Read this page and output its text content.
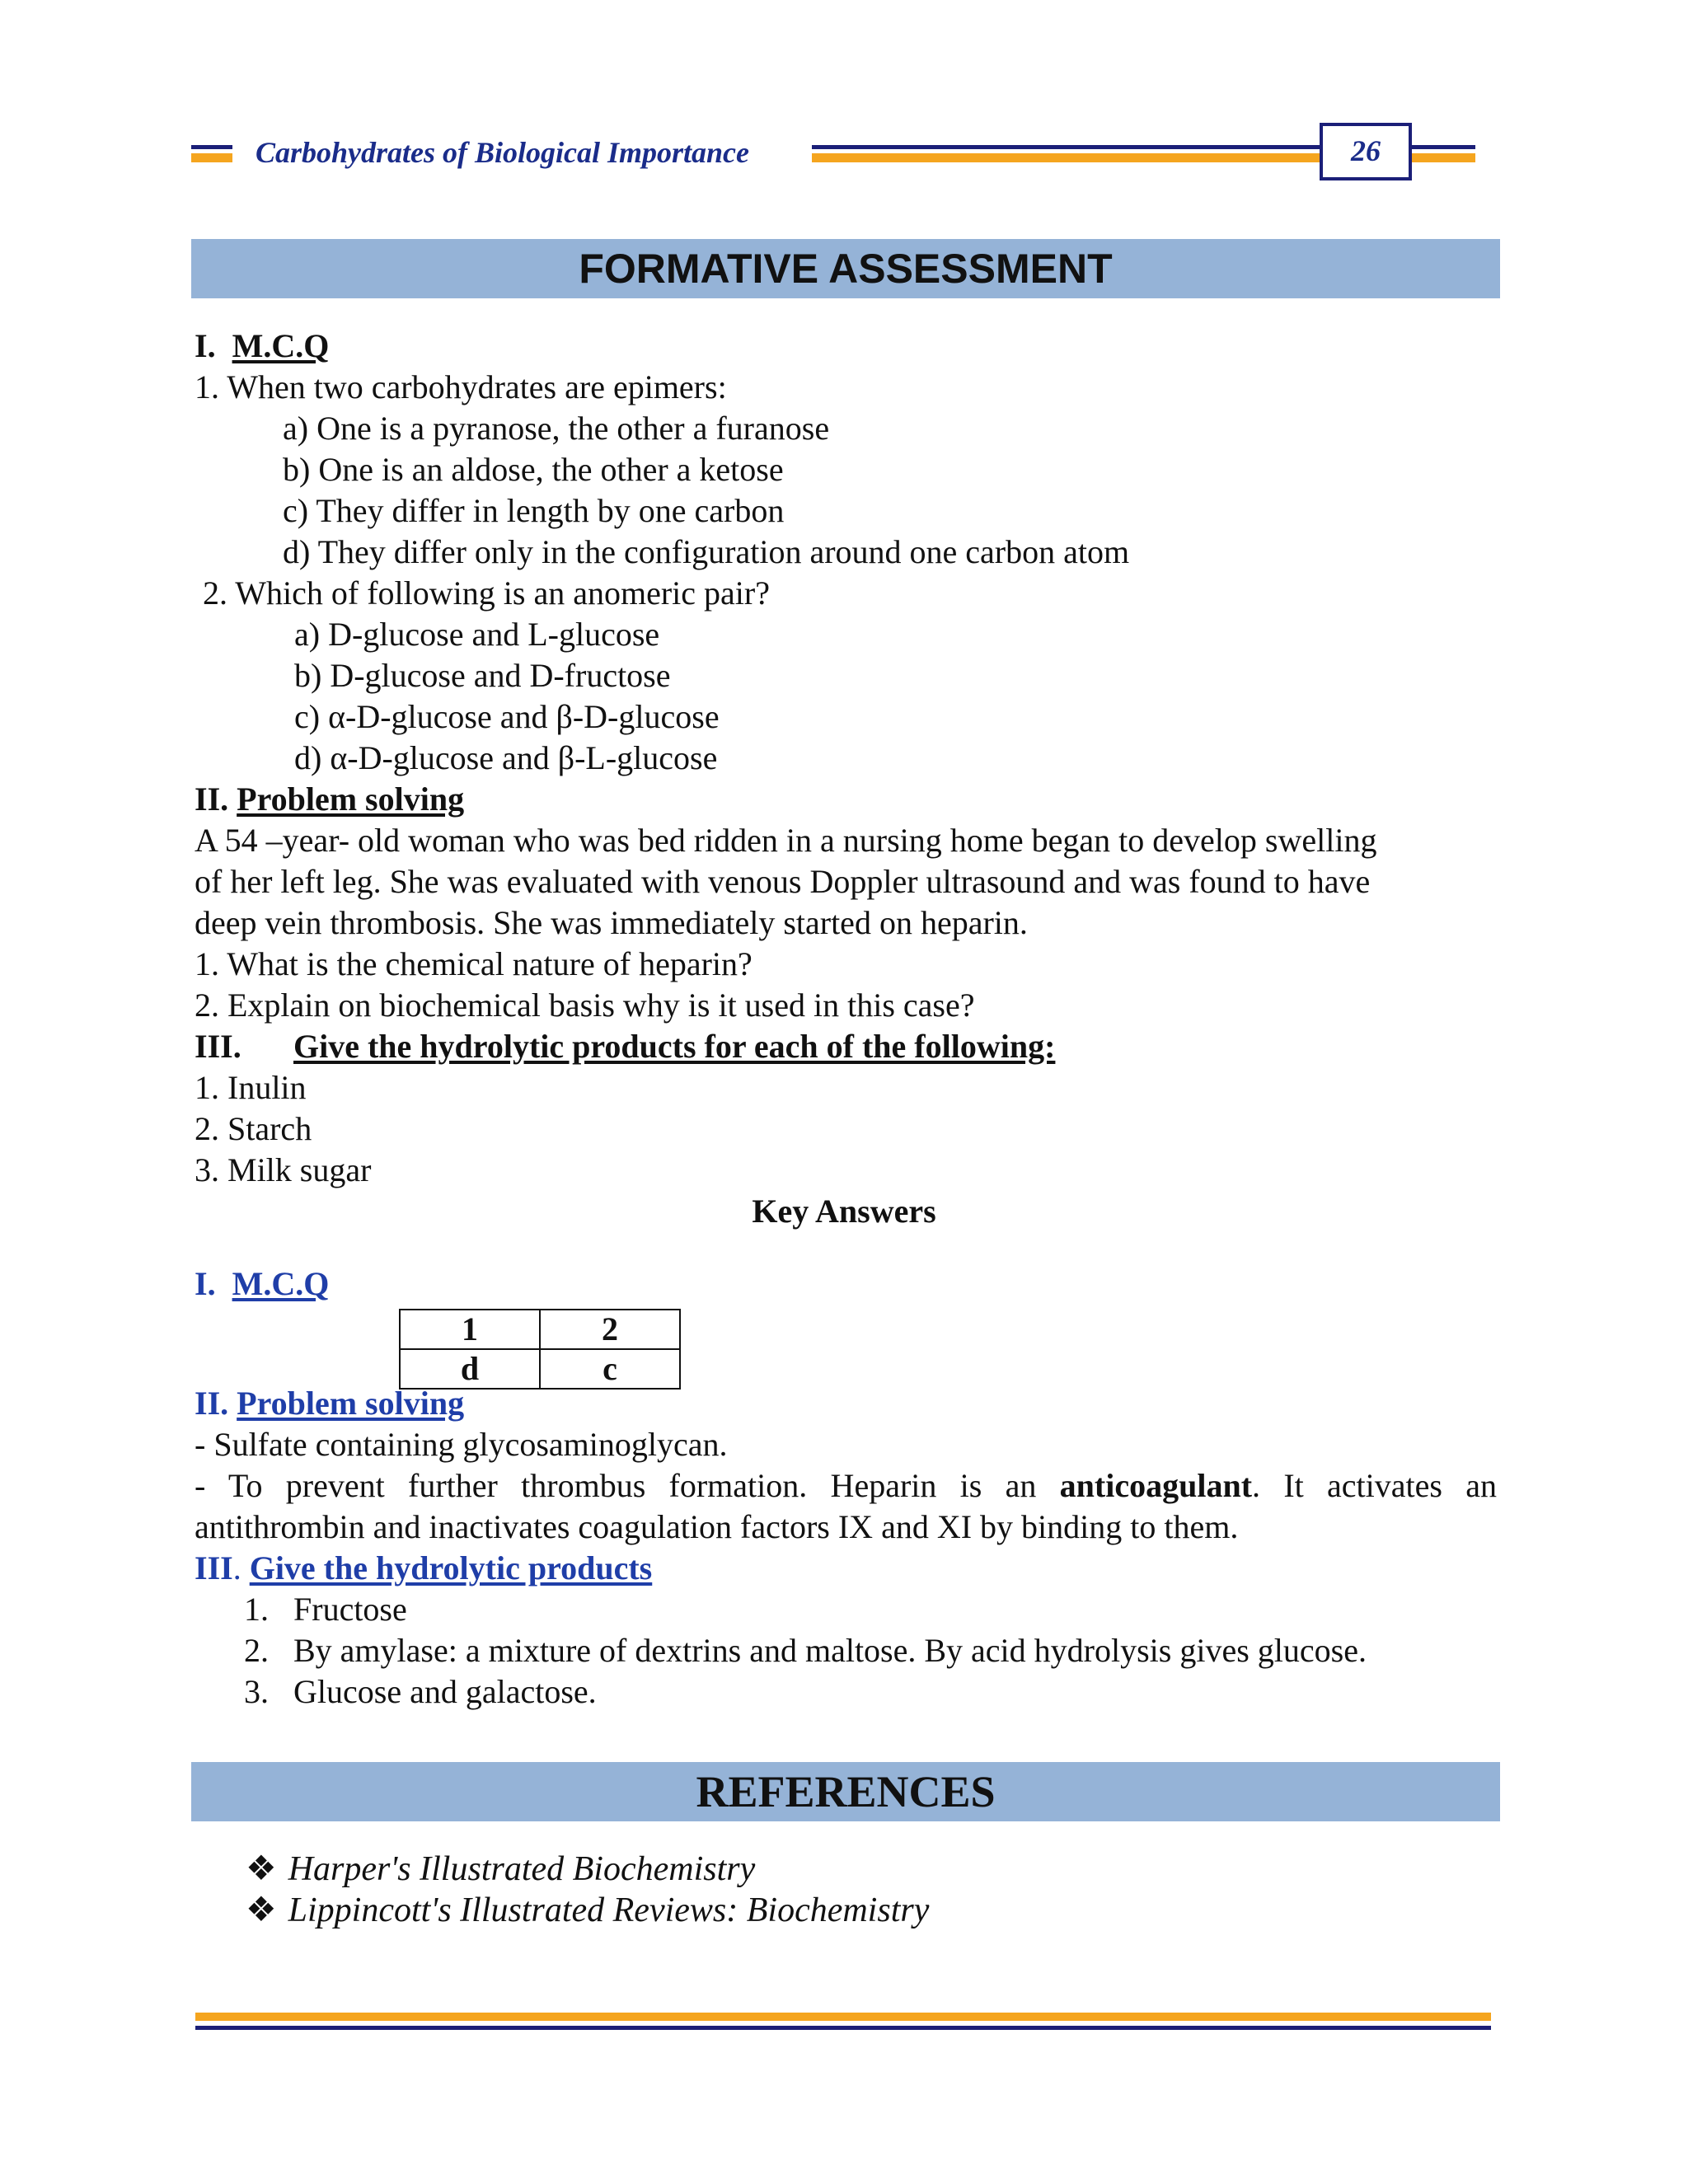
Carbohydrates of Biological Importance	26
FORMATIVE ASSESSMENT
I. M.C.Q
1. When two carbohydrates are epimers:
a) One is a pyranose, the other a furanose
b) One is an aldose, the other a ketose
c) They differ in length by one carbon
d) They differ only in the configuration around one carbon atom
2. Which of following is an anomeric pair?
a) D-glucose and L-glucose
b) D-glucose and D-fructose
c) α-D-glucose and β-D-glucose
d) α-D-glucose and β-L-glucose
II. Problem solving
A 54 –year- old woman who was bed ridden in a nursing home began to develop swelling
of her left leg. She was evaluated with venous Doppler ultrasound and was found to have
deep vein thrombosis. She was immediately started on heparin.
1. What is the chemical nature of heparin?
2. Explain on biochemical basis why is it used in this case?
III. Give the hydrolytic products for each of the following:
1. Inulin
2. Starch
3. Milk sugar
Key Answers
I. M.C.Q
1	2
d	c
II. Problem solving
- Sulfate containing glycosaminoglycan.
- To prevent further thrombus formation. Heparin is an anticoagulant. It activates an
antithrombin and inactivates coagulation factors IX and XI by binding to them.
III. Give the hydrolytic products
1. Fructose
2. By amylase: a mixture of dextrins and maltose. By acid hydrolysis gives glucose.
3. Glucose and galactose.
REFERENCES
❖ Harper's Illustrated Biochemistry
❖ Lippincott's Illustrated Reviews: Biochemistry
